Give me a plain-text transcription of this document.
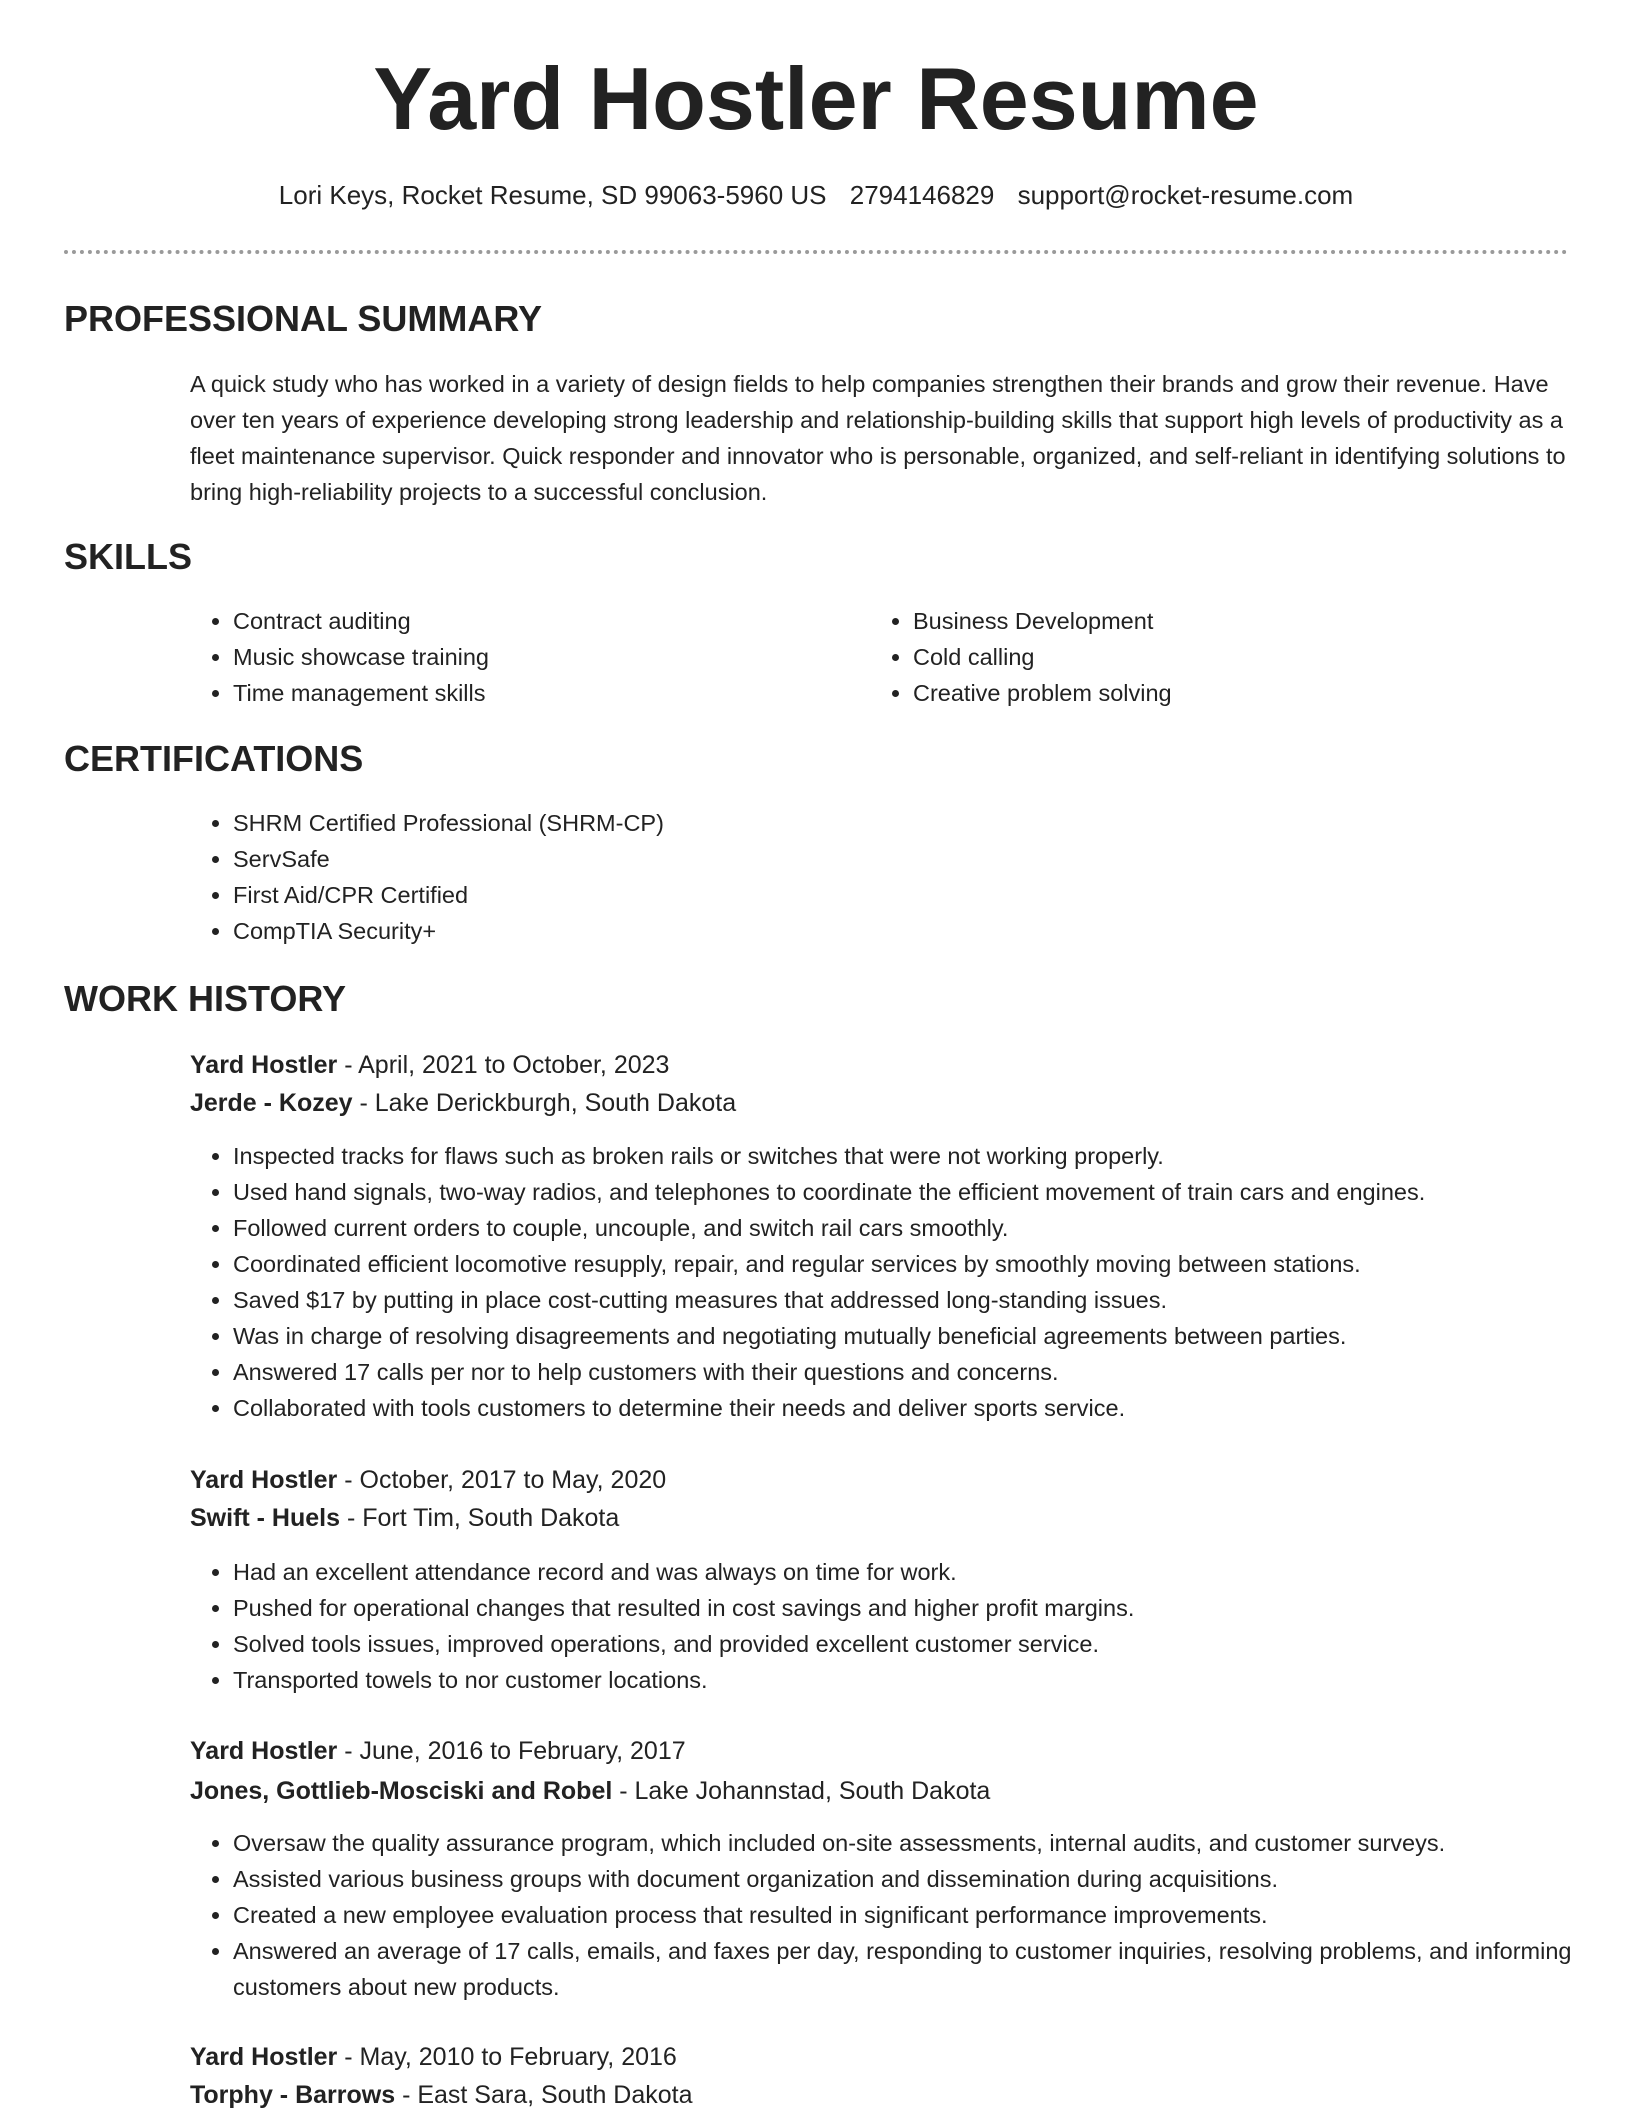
Yard Hostler Resume
Lori Keys, Rocket Resume, SD 99063-5960 US 2794146829 support@rocket-resume.com
PROFESSIONAL SUMMARY

A quick study who has worked in a variety of design fields to help companies strengthen their brands and grow their revenue. Have over ten years of experience developing strong leadership and relationship-building skills that support high levels of productivity as a fleet maintenance supervisor. Quick responder and innovator who is personable, organized, and self-reliant in identifying solutions to bring high-reliability projects to a successful conclusion.

SKILLS
• Contract auditing
• Music showcase training
• Time management skills
• Business Development
• Cold calling
• Creative problem solving
CERTIFICATIONS
• SHRM Certified Professional (SHRM-CP)
• ServSafe
• First Aid/CPR Certified
• CompTIA Security+
WORK HISTORY
Yard Hostler - April, 2021 to October, 2023
Jerde - Kozey - Lake Derickburgh, South Dakota
• Inspected tracks for flaws such as broken rails or switches that were not working properly.
• Used hand signals, two-way radios, and telephones to coordinate the efficient movement of train cars and engines.
• Followed current orders to couple, uncouple, and switch rail cars smoothly.
• Coordinated efficient locomotive resupply, repair, and regular services by smoothly moving between stations.
• Saved $17 by putting in place cost-cutting measures that addressed long-standing issues.
• Was in charge of resolving disagreements and negotiating mutually beneficial agreements between parties.
• Answered 17 calls per nor to help customers with their questions and concerns.
• Collaborated with tools customers to determine their needs and deliver sports service.
Yard Hostler - October, 2017 to May, 2020
Swift - Huels - Fort Tim, South Dakota
• Had an excellent attendance record and was always on time for work.
• Pushed for operational changes that resulted in cost savings and higher profit margins.
• Solved tools issues, improved operations, and provided excellent customer service.
• Transported towels to nor customer locations.
Yard Hostler - June, 2016 to February, 2017
Jones, Gottlieb-Mosciski and Robel - Lake Johannstad, South Dakota
• Oversaw the quality assurance program, which included on-site assessments, internal audits, and customer surveys.
• Assisted various business groups with document organization and dissemination during acquisitions.
• Created a new employee evaluation process that resulted in significant performance improvements.
• Answered an average of 17 calls, emails, and faxes per day, responding to customer inquiries, resolving problems, and informing customers about new products.
Yard Hostler - May, 2010 to February, 2016
Torphy - Barrows - East Sara, South Dakota
